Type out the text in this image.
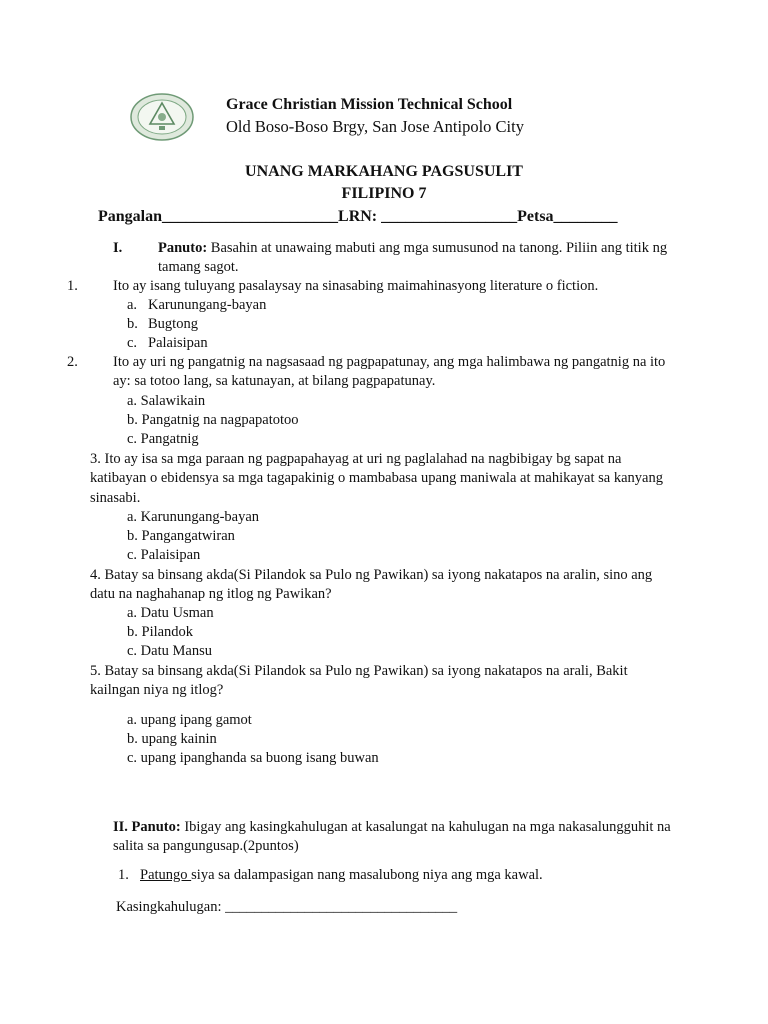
Grace Christian Mission Technical School
Old Boso-Boso Brgy, San Jose Antipolo City
UNANG MARKAHANG PAGSUSULIT
FILIPINO 7
Pangalan______________________LRN: _________________Petsa________
I. Panuto: Basahin at unawaing mabuti ang mga sumusunod na tanong. Piliin ang titik ng tamang sagot.
1. Ito ay isang tuluyang pasalaysay na sinasabing maimahinasyong literature o fiction.
a. Karunungang-bayan
b. Bugtong
c. Palaisipan
2. Ito ay uri ng pangatnig na nagsasaad ng pagpapatunay, ang mga halimbawa ng pangatnig na ito ay: sa totoo lang, sa katunayan, at bilang pagpapatunay.
a. Salawikain
b. Pangatnig na nagpapatotoo
c. Pangatnig
3. Ito ay isa sa mga paraan ng pagpapahayag at uri ng paglalahad na nagbibigay bg sapat na katibayan o ebidensya sa mga tagapakinig o mambabasa upang maniwala at mahikayat sa kanyang sinasabi.
a. Karunungang-bayan
b. Pangangatwiran
c. Palaisipan
4. Batay sa binsang akda(Si Pilandok sa Pulo ng Pawikan) sa iyong nakatapos na aralin, sino ang datu na naghahanap ng itlog ng Pawikan?
a. Datu Usman
b. Pilandok
c. Datu Mansu
5. Batay sa binsang akda(Si Pilandok sa Pulo ng Pawikan) sa iyong nakatapos na arali, Bakit kailngan niya ng itlog?
a. upang ipang gamot
b. upang kainin
c. upang ipanghanda sa buong isang buwan
II. Panuto: Ibigay ang kasingkahulugan at kasalungat na kahulugan na mga nakasalungguhit na salita sa pangungusap.(2puntos)
1. Patungo siya sa dalampasigan nang masalubong niya ang mga kawal.
Kasingkahulugan: ________________________________
